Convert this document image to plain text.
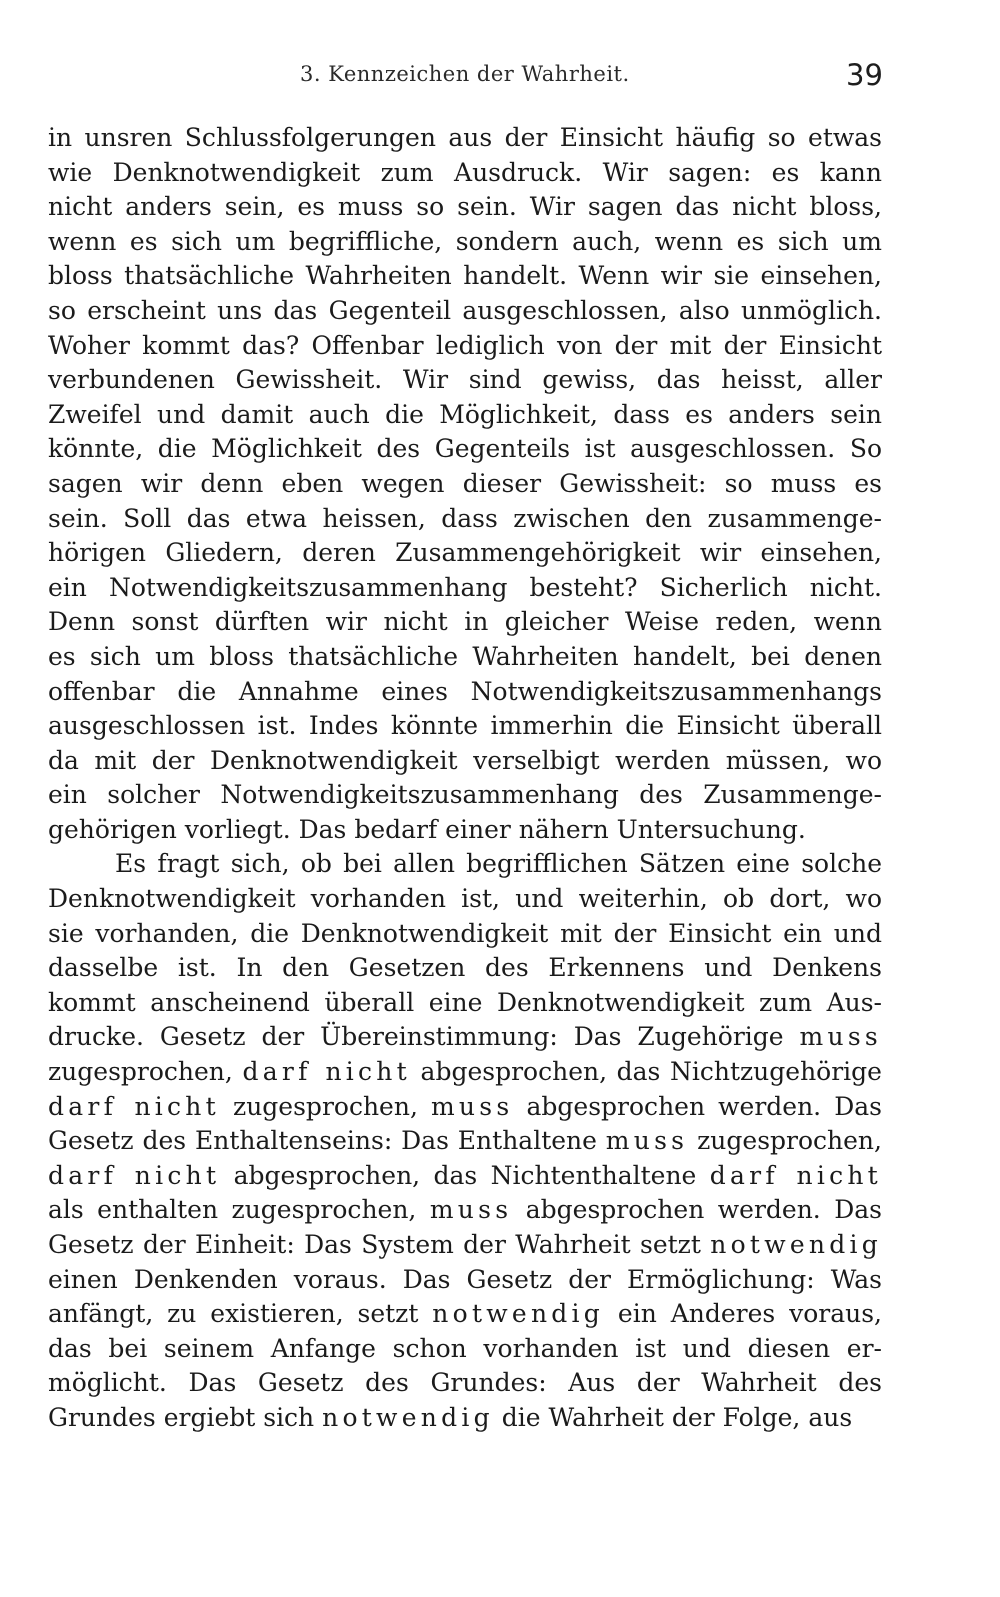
3. Kennzeichen der Wahrheit.	39
in unsren Schlussfolgerungen aus der Einsicht häufig so etwas
wie Denknotwendigkeit zum Ausdruck. Wir sagen: es kann
nicht anders sein, es muss so sein. Wir sagen das nicht bloss,
wenn es sich um begriffliche, sondern auch, wenn es sich um
bloss thatsächliche Wahrheiten handelt. Wenn wir sie einsehen,
so erscheint uns das Gegenteil ausgeschlossen, also unmöglich.
Woher kommt das? Offenbar lediglich von der mit der Einsicht
verbundenen Gewissheit. Wir sind gewiss, das heisst, aller
Zweifel und damit auch die Möglichkeit, dass es anders sein
könnte, die Möglichkeit des Gegenteils ist ausgeschlossen. So
sagen wir denn eben wegen dieser Gewissheit: so muss es
sein. Soll das etwa heissen, dass zwischen den zusammenge-
hörigen Gliedern, deren Zusammengehörigkeit wir einsehen,
ein Notwendigkeitszusammenhang besteht? Sicherlich nicht.
Denn sonst dürften wir nicht in gleicher Weise reden, wenn
es sich um bloss thatsächliche Wahrheiten handelt, bei denen
offenbar die Annahme eines Notwendigkeitszusammenhangs
ausgeschlossen ist. Indes könnte immerhin die Einsicht überall
da mit der Denknotwendigkeit verselbigt werden müssen, wo
ein solcher Notwendigkeitszusammenhang des Zusammenge-
gehörigen vorliegt. Das bedarf einer nähern Untersuchung.
Es fragt sich, ob bei allen begrifflichen Sätzen eine solche
Denknotwendigkeit vorhanden ist, und weiterhin, ob dort, wo
sie vorhanden, die Denknotwendigkeit mit der Einsicht ein und
dasselbe ist. In den Gesetzen des Erkennens und Denkens
kommt anscheinend überall eine Denknotwendigkeit zum Aus-
drucke. Gesetz der Übereinstimmung: Das Zugehörige muss
zugesprochen, darf nicht abgesprochen, das Nichtzugehörige
darf nicht zugesprochen, muss abgesprochen werden. Das
Gesetz des Enthaltenseins: Das Enthaltene muss zugesprochen,
darf nicht abgesprochen, das Nichtenthaltene darf nicht
als enthalten zugesprochen, muss abgesprochen werden. Das
Gesetz der Einheit: Das System der Wahrheit setzt notwendig
einen Denkenden voraus. Das Gesetz der Ermöglichung: Was
anfängt, zu existieren, setzt notwendig ein Anderes voraus,
das bei seinem Anfange schon vorhanden ist und diesen er-
möglicht. Das Gesetz des Grundes: Aus der Wahrheit des
Grundes ergiebt sich notwendig die Wahrheit der Folge, aus
